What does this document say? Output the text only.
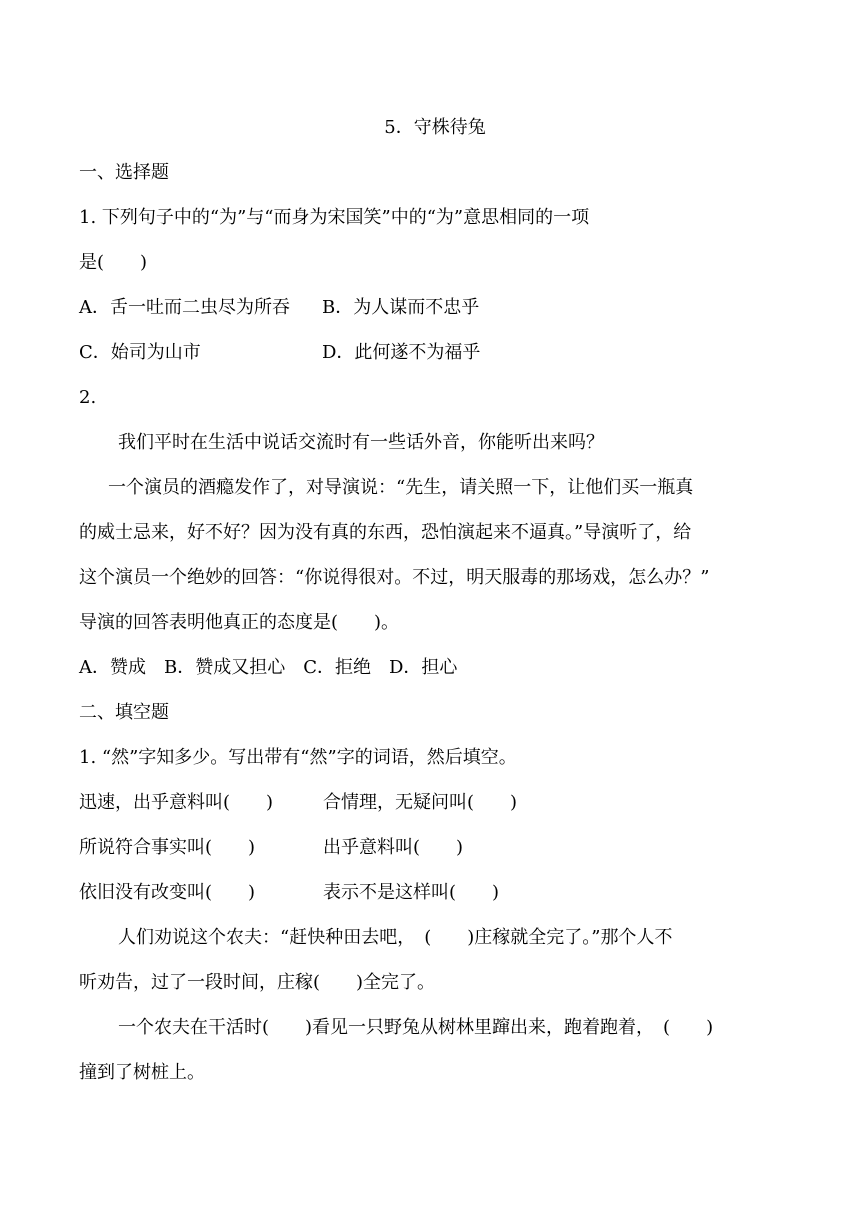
5．守株待兔
一、选择题
1. 下列句子中的“为”与“而身为宋国笑”中的“为”意思相同的一项
是(　　)
A．舌一吐而二虫尽为所吞 B．为人谋而不忠乎
C．始司为山市	D．此何遂不为福乎
2.
我们平时在生活中说话交流时有一些话外音，你能听出来吗？
一个演员的酒瘾发作了，对导演说：“先生，请关照一下，让他们买一瓶真
的威士忌来，好不好？因为没有真的东西，恐怕演起来不逼真。”导演听了，给
这个演员一个绝妙的回答：“你说得很对。不过，明天服毒的那场戏，怎么办？”
导演的回答表明他真正的态度是(　　)。
A．赞成　B．赞成又担心　C．拒绝　D．担心
二、填空题
1. “然”字知多少。写出带有“然”字的词语，然后填空。
迅速，出乎意料叫(　　)	合情理，无疑问叫(　　)
所说符合事实叫(　　)	出乎意料叫(　　)
依旧没有改变叫(　　)	表示不是这样叫(　　)
人们劝说这个农夫：“赶快种田去吧，　(　　)庄稼就全完了。”那个人不
听劝告，过了一段时间，庄稼(　　)全完了。
一个农夫在干活时(　　)看见一只野兔从树林里蹿出来，跑着跑着，　(　　)
撞到了树桩上。
